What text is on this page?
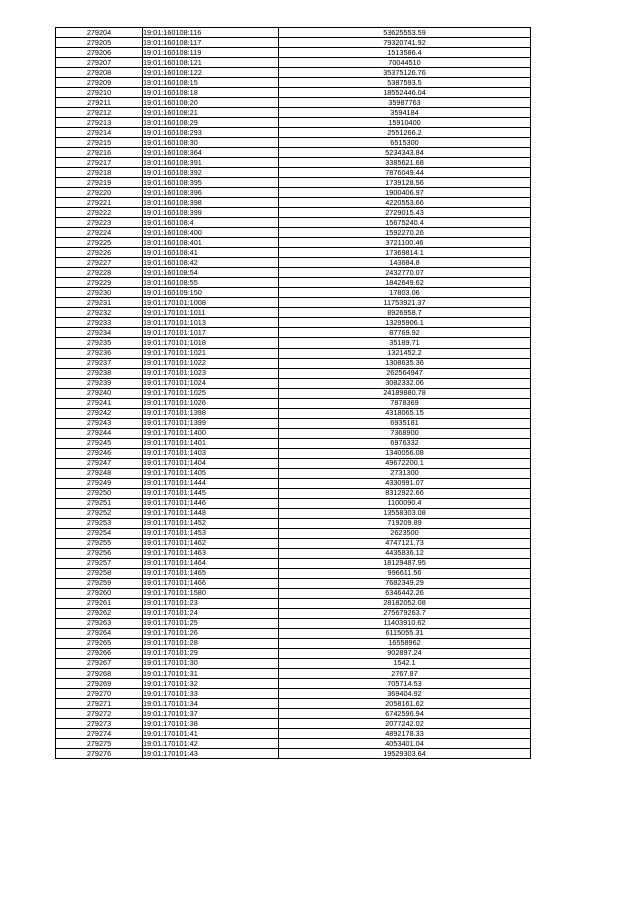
279204	19:01:160108:116	53625553.59
279205	19:01:160108:117	79320741.92
279206	19:01:160108:119	1513586.4
279207	19:01:160108:121	70044510
279208	19:01:160108:122	35375126.76
279209	19:01:160108:15	5387593.5
279210	19:01:160108:18	18552446.04
279211	19:01:160108:20	35987763
279212	19:01:160108:21	3594184
279213	19:01:160108:29	15910400
279214	19:01:160108:293	2551266.2
279215	19:01:160108:30	6515300
279216	19:01:160108:364	5234343.84
279217	19:01:160108:391	3385621.68
279218	19:01:160108:392	7876049.44
279219	19:01:160108:395	1739128.56
279220	19:01:160108:396	1900406.97
279221	19:01:160108:398	4220553.66
279222	19:01:160108:399	2729015.43
279223	19:01:160108:4	15675240.4
279224	19:01:160108:400	1592270.26
279225	19:01:160108:401	3721100.46
279226	19:01:160108:41	17369814.1
279227	19:01:160108:42	143684.8
279228	19:01:160108:54	2432770.07
279229	19:01:160108:55	1842649.62
279230	19:01:160109:150	17803.06
279231	19:01:170101:1008	11753921.37
279232	19:01:170101:1011	8926958.7
279233	19:01:170101:1013	13295906.1
279234	19:01:170101:1017	87769.92
279235	19:01:170101:1018	35189.71
279236	19:01:170101:1021	1321452.2
279237	19:01:170101:1022	1308635.36
279238	19:01:170101:1023	262564947
279239	19:01:170101:1024	3082332.06
279240	19:01:170101:1025	24189880.78
279241	19:01:170101:1026	7878369
279242	19:01:170101:1398	4318065.15
279243	19:01:170101:1399	6935181
279244	19:01:170101:1400	7368900
279245	19:01:170101:1401	6976332
279246	19:01:170101:1403	1340056.08
279247	19:01:170101:1404	49672200.1
279248	19:01:170101:1405	2731300
279249	19:01:170101:1444	4330991.07
279250	19:01:170101:1445	8312922.66
279251	19:01:170101:1446	1100090.4
279252	19:01:170101:1448	13558303.08
279253	19:01:170101:1452	719209.89
279254	19:01:170101:1453	2623500
279255	19:01:170101:1462	4747121.73
279256	19:01:170101:1463	4435836.12
279257	19:01:170101:1464	18129487.95
279258	19:01:170101:1465	996611.56
279259	19:01:170101:1466	7682349.29
279260	19:01:170101:1580	6346442.26
279261	19:01:170101:23	28182052.08
279262	19:01:170101:24	275679263.7
279263	19:01:170101:25	11403910.62
279264	19:01:170101:26	6115055.31
279265	19:01:170101:28	16558962
279266	19:01:170101:29	902897.24
279267	19:01:170101:30	1542.1
279268	19:01:170101:31	2767.87
279269	19:01:170101:32	705714.53
279270	19:01:170101:33	369404.92
279271	19:01:170101:34	2058161.62
279272	19:01:170101:37	6742596.94
279273	19:01:170101:38	2077242.02
279274	19:01:170101:41	4892178.33
279275	19:01:170101:42	4053401.04
279276	19:01:170101:43	19529303.64
